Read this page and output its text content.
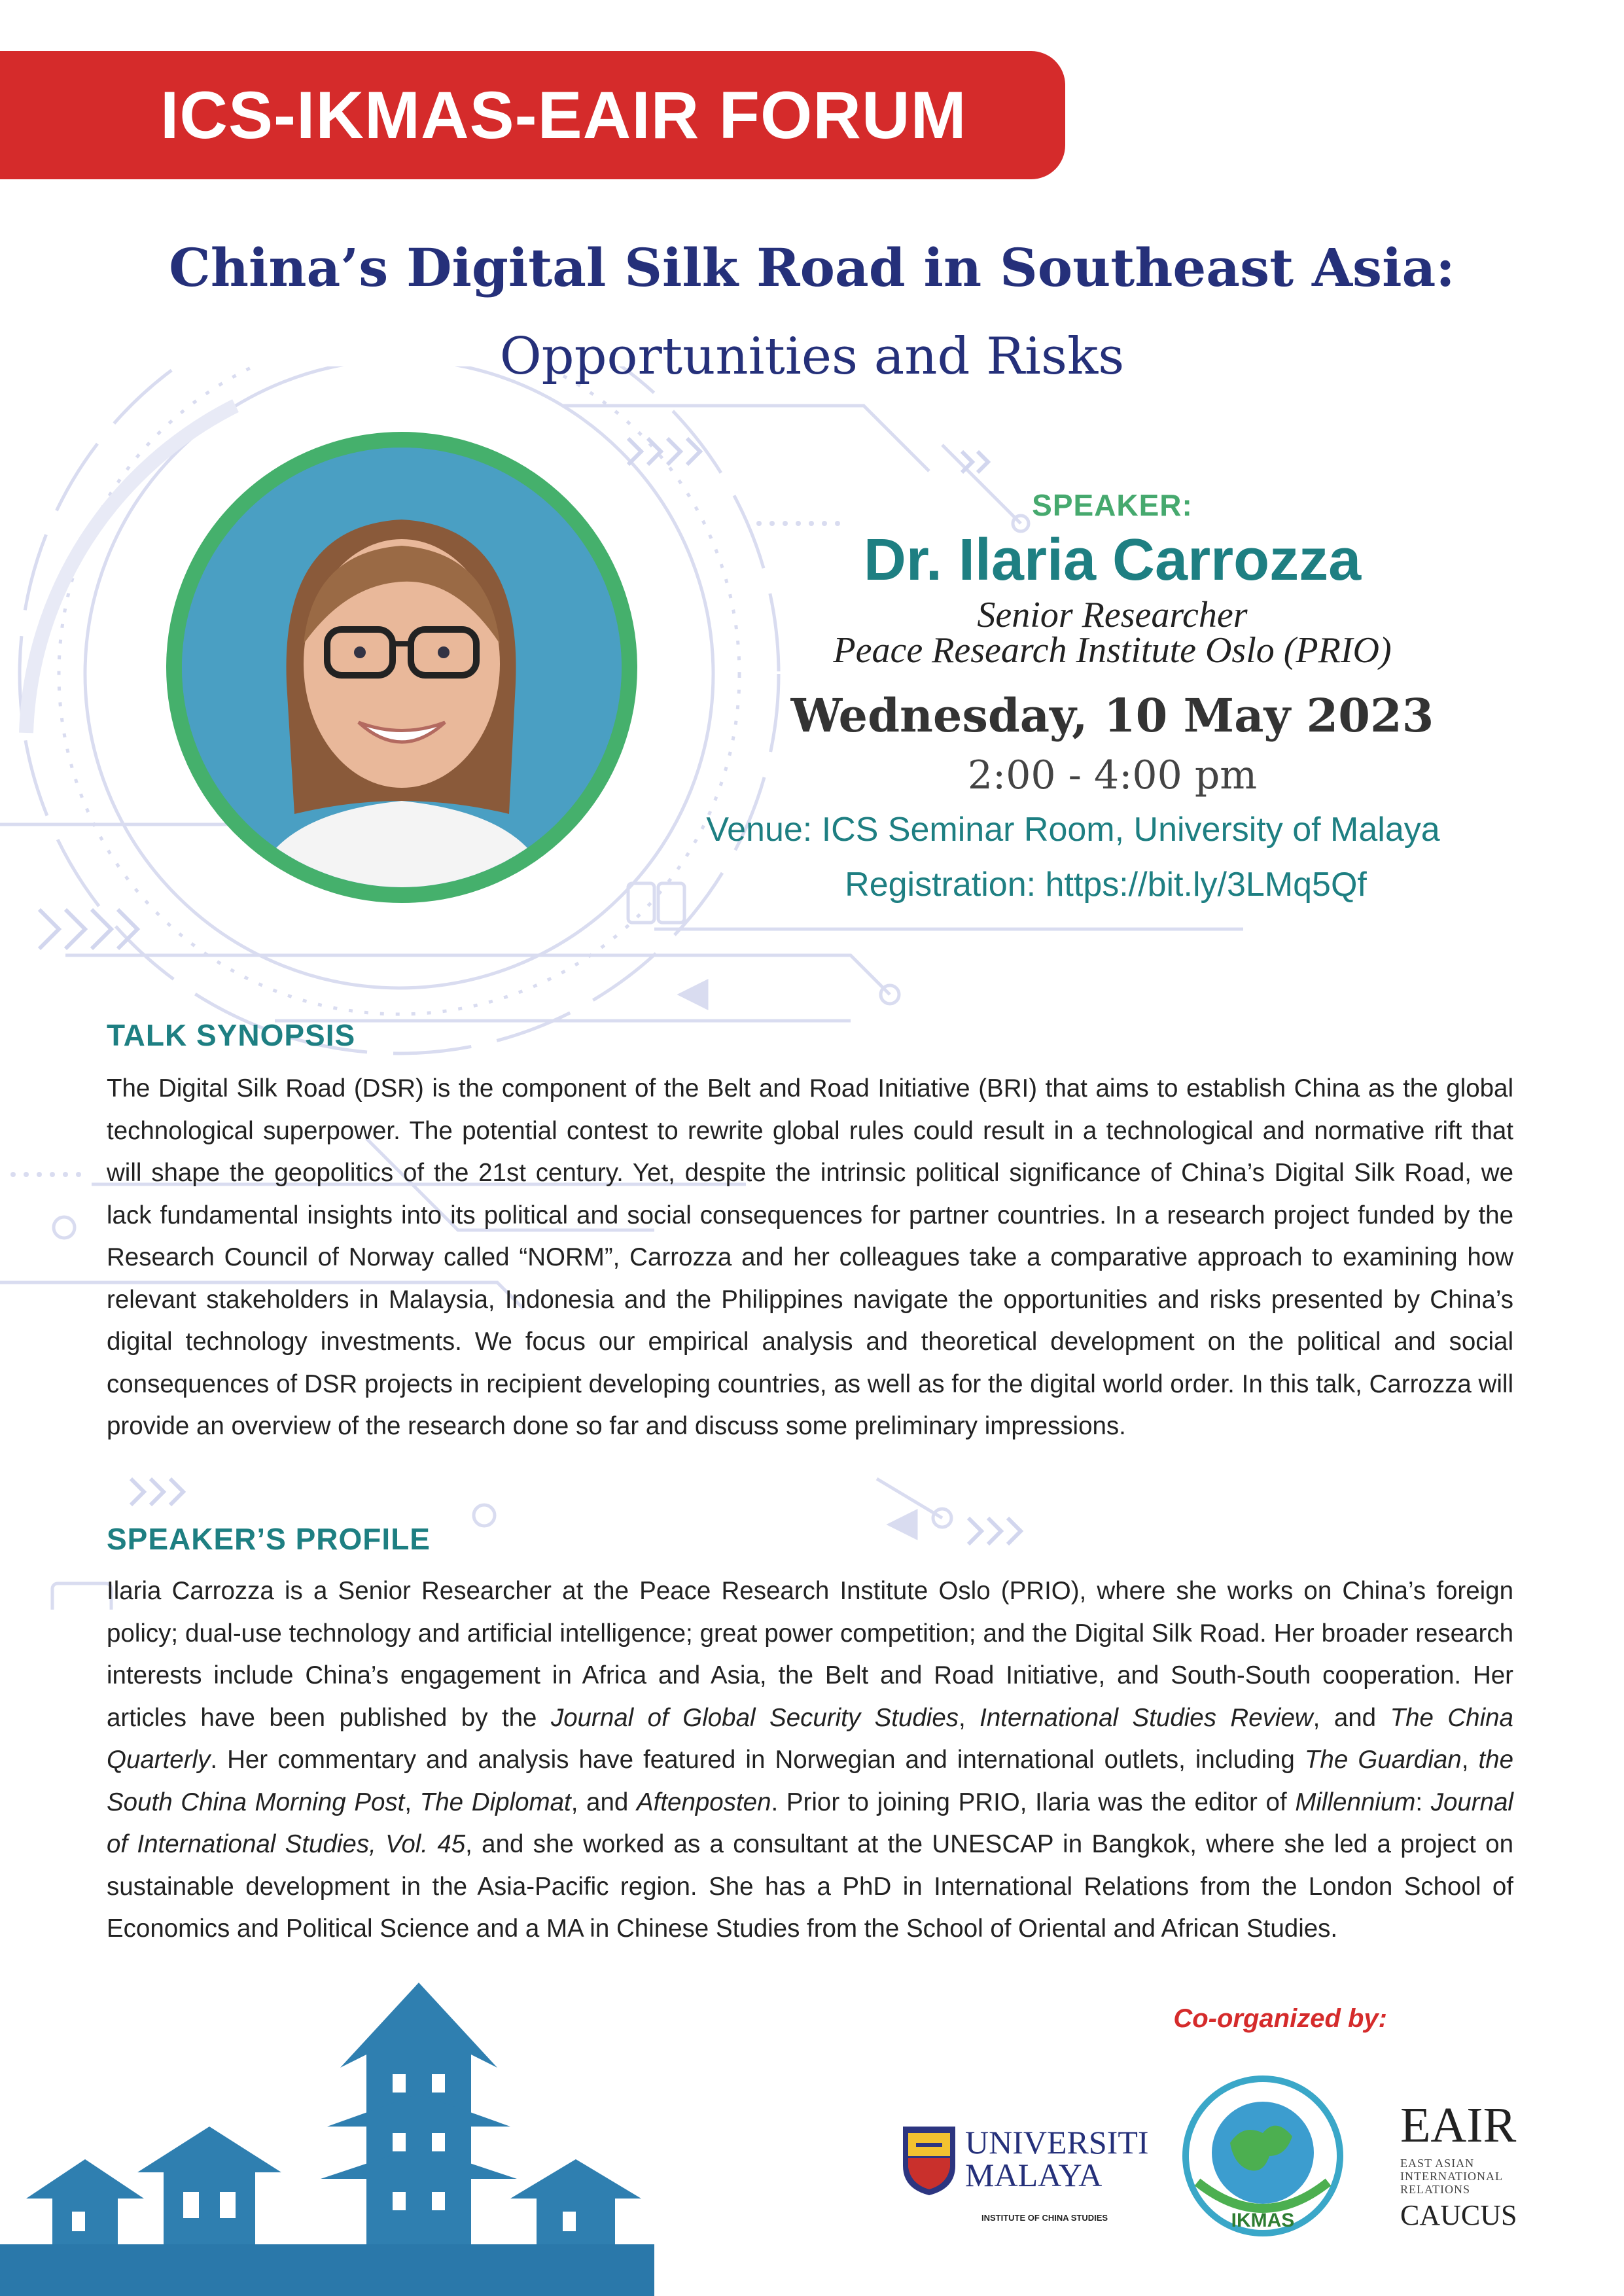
ICS-IKMAS-EAIR FORUM
China’s Digital Silk Road in Southeast Asia:
Opportunities and Risks
SPEAKER:
Dr. Ilaria Carrozza
Senior Researcher
Peace Research Institute Oslo (PRIO)
Wednesday, 10 May 2023
2:00 - 4:00 pm
Venue: ICS Seminar Room, University of Malaya
Registration: https://bit.ly/3LMq5Qf
TALK SYNOPSIS
The Digital Silk Road (DSR) is the component of the Belt and Road Initiative (BRI) that aims to establish China as the global technological superpower. The potential contest to rewrite global rules could result in a technological and normative rift that will shape the geopolitics of the 21st century. Yet, despite the intrinsic political significance of China’s Digital Silk Road, we lack fundamental insights into its political and social consequences for partner countries. In a research project funded by the Research Council of Norway called “NORM”, Carrozza and her colleagues take a comparative approach to examining how relevant stakeholders in Malaysia, Indonesia and the Philippines navigate the opportunities and risks presented by China’s digital technology investments. We focus our empirical analysis and theoretical development on the political and social consequences of DSR projects in recipient developing countries, as well as for the digital world order. In this talk, Carrozza will provide an overview of the research done so far and discuss some preliminary impressions.
SPEAKER’S PROFILE
Ilaria Carrozza is a Senior Researcher at the Peace Research Institute Oslo (PRIO), where she works on China’s foreign policy; dual-use technology and artificial intelligence; great power competition; and the Digital Silk Road. Her broader research interests include China’s engagement in Africa and Asia, the Belt and Road Initiative, and South-South cooperation. Her articles have been published by the Journal of Global Security Studies, International Studies Review, and The China Quarterly. Her commentary and analysis have featured in Norwegian and international outlets, including The Guardian, the South China Morning Post, The Diplomat, and Aftenposten. Prior to joining PRIO, Ilaria was the editor of Millennium: Journal of International Studies, Vol. 45, and she worked as a consultant at the UNESCAP in Bangkok, where she led a project on sustainable development in the Asia-Pacific region. She has a PhD in International Relations from the London School of Economics and Political Science and a MA in Chinese Studies from the School of Oriental and African Studies.
Co-organized by:
UNIVERSITI
MALAYA
INSTITUTE OF CHINA STUDIES	IKMAS
EAIR
EAST ASIAN
INTERNATIONAL
RELATIONS
CAUCUS
